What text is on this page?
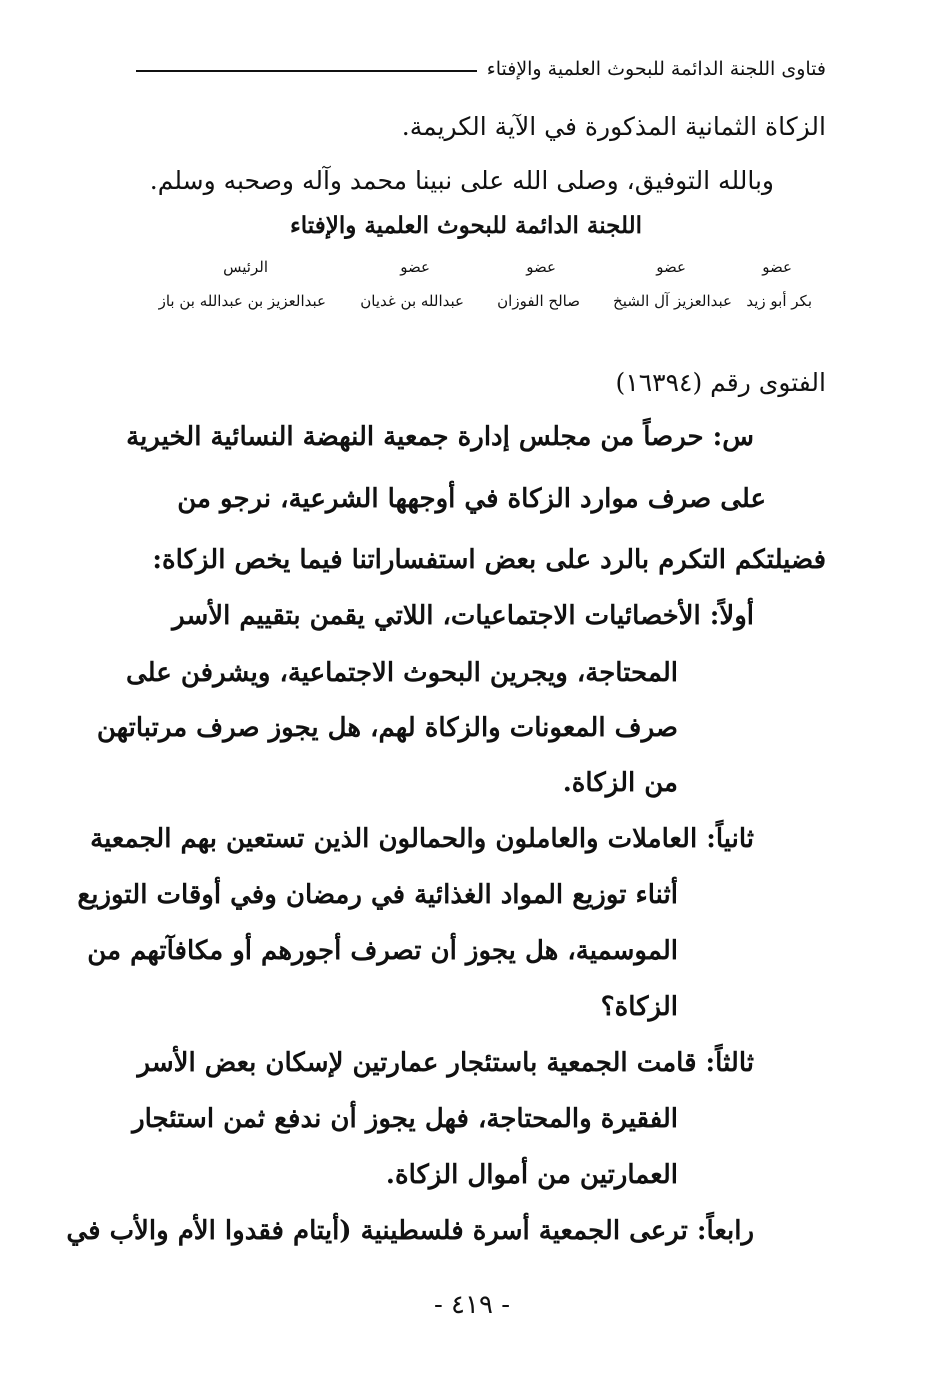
فتاوى اللجنة الدائمة للبحوث العلمية والإفتاء
الزكاة الثمانية المذكورة في الآية الكريمة.
وبالله التوفيق، وصلى الله على نبينا محمد وآله وصحبه وسلم.
اللجنة الدائمة للبحوث العلمية والإفتاء
عضو
عضو
عضو
عضو
الرئيس
بكر أبو زيد
عبدالعزيز آل الشيخ
صالح الفوزان
عبدالله بن غديان
عبدالعزيز بن عبدالله بن باز
الفتوى رقم (١٦٣٩٤)
س: حرصاً من مجلس إدارة جمعية النهضة النسائية الخيرية
على صرف موارد الزكاة في أوجهها الشرعية، نرجو من
فضيلتكم التكرم بالرد على بعض استفساراتنا فيما يخص الزكاة:
أولاً: الأخصائيات الاجتماعيات، اللاتي يقمن بتقييم الأسر
المحتاجة، ويجرين البحوث الاجتماعية، ويشرفن على
صرف المعونات والزكاة لهم، هل يجوز صرف مرتباتهن
من الزكاة.
ثانياً: العاملات والعاملون والحمالون الذين تستعين بهم الجمعية
أثناء توزيع المواد الغذائية في رمضان وفي أوقات التوزيع
الموسمية، هل يجوز أن تصرف أجورهم أو مكافآتهم من
الزكاة؟
ثالثاً: قامت الجمعية باستئجار عمارتين لإسكان بعض الأسر
الفقيرة والمحتاجة، فهل يجوز أن ندفع ثمن استئجار
العمارتين من أموال الزكاة.
رابعاً: ترعى الجمعية أسرة فلسطينية (أيتام فقدوا الأم والأب في
- ٤١٩ -
